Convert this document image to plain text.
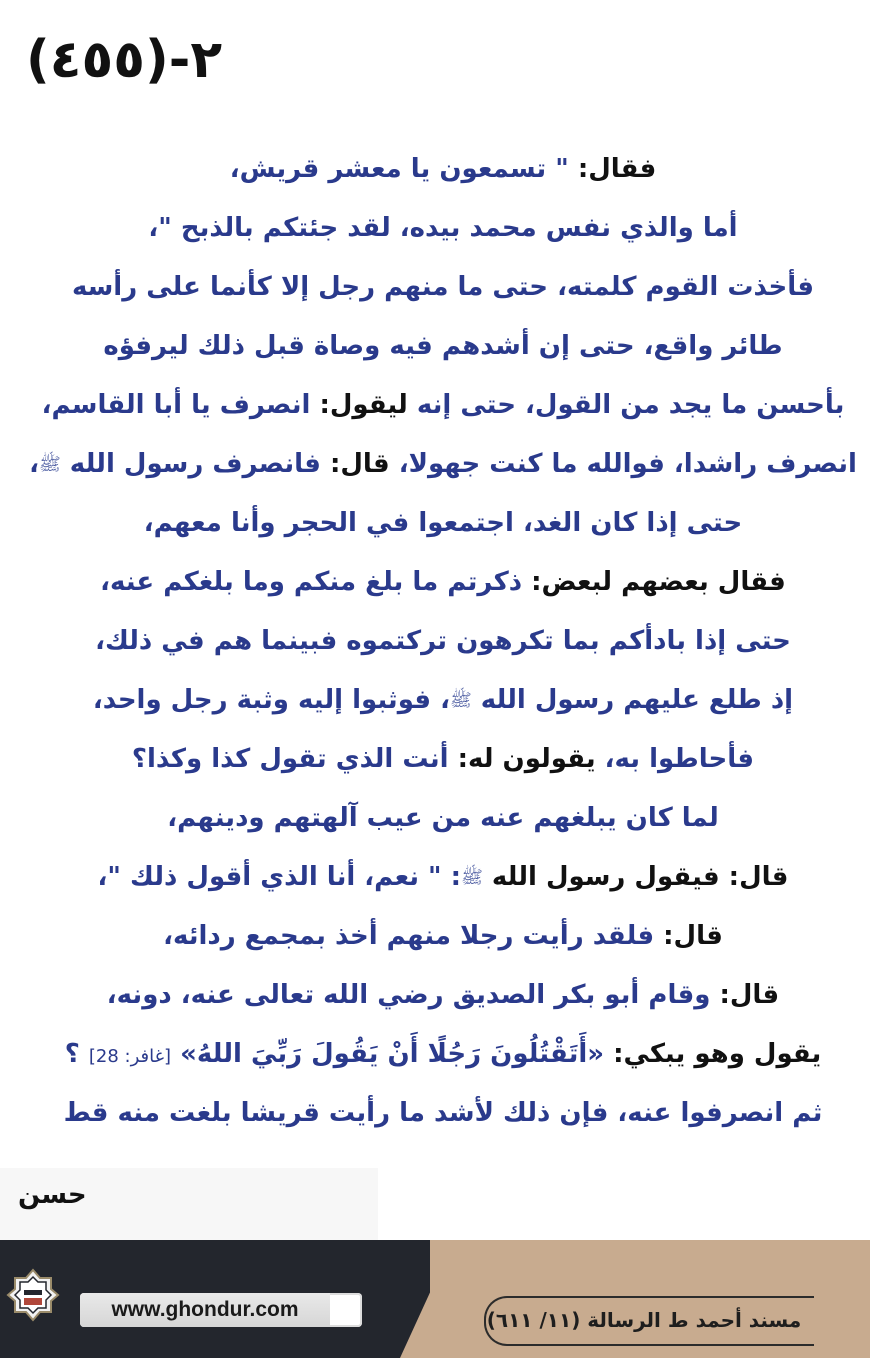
٢-(٤٥٥)
فقال: " تسمعون يا معشر قريش،
أما والذي نفس محمد بيده، لقد جئتكم بالذبح "،
فأخذت القوم كلمته، حتى ما منهم رجل إلا كأنما على رأسه
طائر واقع، حتى إن أشدهم فيه وصاة قبل ذلك ليرفؤه
بأحسن ما يجد من القول، حتى إنه ليقول: انصرف يا أبا القاسم،
انصرف راشدا، فوالله ما كنت جهولا، قال: فانصرف رسول الله ﷺ،
حتى إذا كان الغد، اجتمعوا في الحجر وأنا معهم،
فقال بعضهم لبعض: ذكرتم ما بلغ منكم وما بلغكم عنه،
حتى إذا بادأكم بما تكرهون تركتموه فبينما هم في ذلك،
إذ طلع عليهم رسول الله ﷺ، فوثبوا إليه وثبة رجل واحد،
فأحاطوا به، يقولون له: أنت الذي تقول كذا وكذا؟
لما كان يبلغهم عنه من عيب آلهتهم ودينهم،
قال: فيقول رسول الله ﷺ: " نعم، أنا الذي أقول ذلك "،
قال: فلقد رأيت رجلا منهم أخذ بمجمع ردائه،
قال: وقام أبو بكر الصديق رضي الله تعالى عنه، دونه،
يقول وهو يبكي: «أَتَقْتُلُونَ رَجُلًا أَنْ يَقُولَ رَبِّيَ اللهُ» [غافر: 28] ؟
ثم انصرفوا عنه، فإن ذلك لأشد ما رأيت قريشا بلغت منه قط
حسن
www.ghondur.com	مسند أحمد ط الرسالة (١١/ ٦١١)
